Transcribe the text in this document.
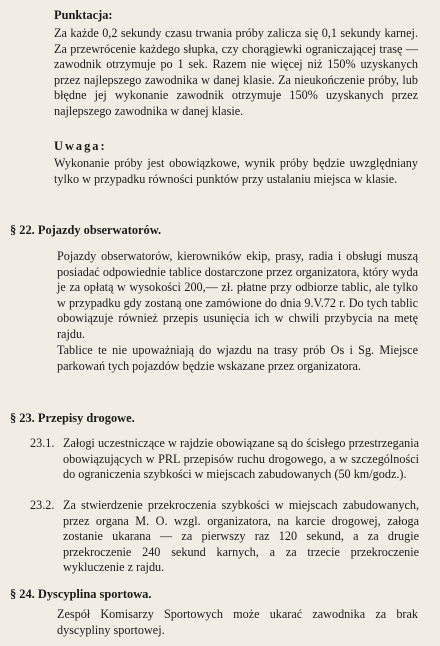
Punktacja:
Za każde 0,2 sekundy czasu trwania próby zalicza się 0,1 sekundy karnej. Za przewrócenie każdego słupka, czy chorągiewki ograniczającej trasę — zawodnik otrzymuje po 1 sek. Razem nie więcej niż 150% uzyskanych przez najlepszego zawodnika w danej klasie. Za nieukończenie próby, lub błędne jej wykonanie zawodnik otrzymuje 150% uzyskanych przez najlepszego zawodnika w danej klasie.
Uwaga:
Wykonanie próby jest obowiązkowe, wynik próby będzie uwzględniany tylko w przypadku równości punktów przy ustalaniu miejsca w klasie.
§ 22. Pojazdy obserwatorów.
Pojazdy obserwatorów, kierowników ekip, prasy, radia i obsługi muszą posiadać odpowiednie tablice dostarczone przez organizatora, który wyda je za opłatą w wysokości 200,— zł. płatne przy odbiorze tablic, ale tylko w przypadku gdy zostaną one zamówione do dnia 9.V.72 r. Do tych tablic obowiązuje również przepis usunięcia ich w chwili przybycia na metę rajdu.
Tablice te nie upoważniają do wjazdu na trasy prób Os i Sg. Miejsce parkowań tych pojazdów będzie wskazane przez organizatora.
§ 23. Przepisy drogowe.
23.1. Załogi uczestniczące w rajdzie obowiązane są do ścisłego przestrzegania obowiązujących w PRL przepisów ruchu drogowego, a w szczególności do ograniczenia szybkości w miejscach zabudowanych (50 km/godz.).
23.2. Za stwierdzenie przekroczenia szybkości w miejscach zabudowanych, przez organa M. O. wzgl. organizatora, na karcie drogowej, załoga zostanie ukarana — za pierwszy raz 120 sekund, a za drugie przekroczenie 240 sekund karnych, a za trzecie przekroczenie wykluczenie z rajdu.
§ 24. Dyscyplina sportowa.
Zespół Komisarzy Sportowych może ukarać zawodnika za brak dyscypliny sportowej.
